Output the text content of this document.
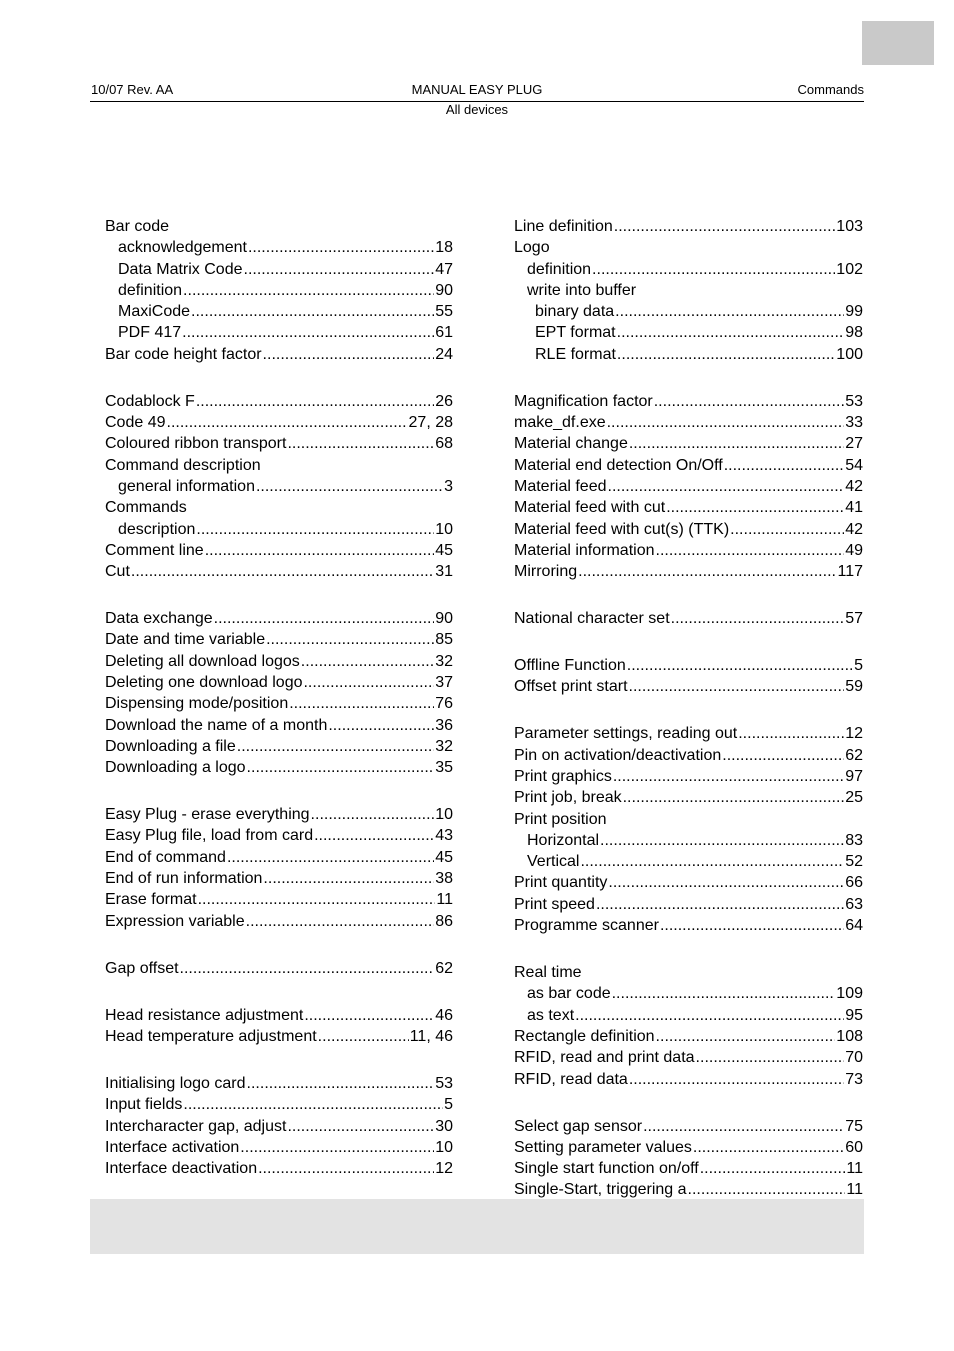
10/07 Rev. AA	MANUAL EASY PLUG	Commands
All devices
Bar code
acknowledgement .....	18
Data Matrix Code .....	47
definition .....	90
MaxiCode .....	55
PDF 417 .....	61
Bar code height factor .....	24
Codablock F .....	26
Code 49 .....	27, 28
Coloured ribbon transport .....	68
Command description
general information .....	3
Commands
description .....	10
Comment line .....	45
Cut .....	31
Data exchange .....	90
Date and time variable .....	85
Deleting all download logos .....	32
Deleting one download logo .....	37
Dispensing mode/position .....	76
Download the name of a month .....	36
Downloading a file .....	32
Downloading a logo .....	35
Easy Plug - erase everything .....	10
Easy Plug file, load from card .....	43
End of command .....	45
End of run information .....	38
Erase format .....	11
Expression variable .....	86
Gap offset .....	62
Head resistance adjustment .....	46
Head temperature adjustment .....	11, 46
Initialising logo card .....	53
Input fields .....	5
Intercharacter gap, adjust .....	30
Interface activation .....	10
Interface deactivation .....	12
Line definition .....	103
Logo
definition .....	102
write into buffer
binary data .....	99
EPT format .....	98
RLE format .....	100
Magnification factor .....	53
make_df.exe .....	33
Material change .....	27
Material end detection On/Off .....	54
Material feed .....	42
Material feed with cut .....	41
Material feed with cut(s) (TTK) .....	42
Material information .....	49
Mirroring .....	117
National character set .....	57
Offline Function .....	5
Offset print start .....	59
Parameter settings, reading out .....	12
Pin on activation/deactivation .....	62
Print graphics .....	97
Print job, break .....	25
Print position
Horizontal .....	83
Vertical .....	52
Print quantity .....	66
Print speed .....	63
Programme scanner .....	64
Real time
as bar code .....	109
as text .....	95
Rectangle definition .....	108
RFID, read and print data .....	70
RFID, read data .....	73
Select gap sensor .....	75
Setting parameter values .....	60
Single start function on/off .....	11
Single-Start, triggering a .....	11
